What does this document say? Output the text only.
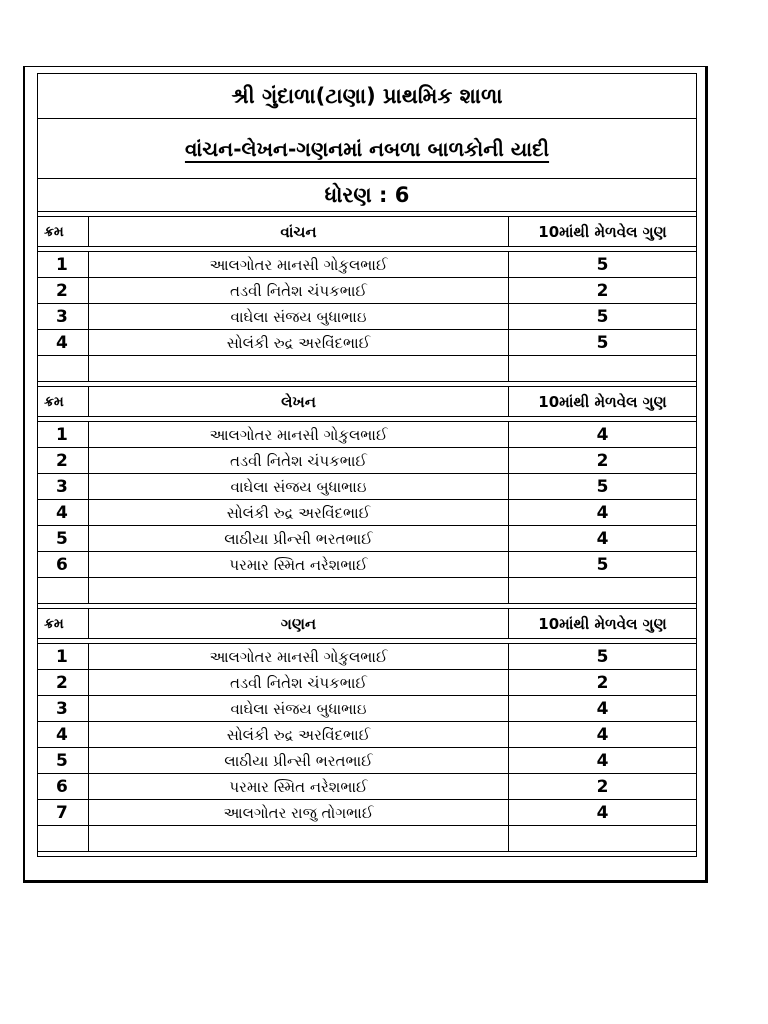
શ્રી ગુંદાળા(ટાણા) પ્રાથમિક શાળા
વાંચન-લેખન-ગણનમાં નબળા બાળકોની યાદી
ધોરણ : 6
ક્રમ	વાંચન	10માંથી મેળવેલ ગુણ
1	આલગોતર માનસી ગોકુલભાઈ	5
2	તડવી નિતેશ ચંપકભાઈ	2
3	વાઘેલા સંજય બુધાભાઇ	5
4	સોલંકી રુદ્ર અરવિંદભાઈ	5
ક્રમ	લેખન	10માંથી મેળવેલ ગુણ
1	આલગોતર માનસી ગોકુલભાઈ	4
2	તડવી નિતેશ ચંપકભાઈ	2
3	વાઘેલા સંજય બુધાભાઇ	5
4	સોલંકી રુદ્ર અરવિંદભાઈ	4
5	લાઠીયા પ્રીન્સી ભરતભાઈ	4
6	પરમાર સ્મિત નરેશભાઈ	5
ક્રમ	ગણન	10માંથી મેળવેલ ગુણ
1	આલગોતર માનસી ગોકુલભાઈ	5
2	તડવી નિતેશ ચંપકભાઈ	2
3	વાઘેલા સંજય બુધાભાઇ	4
4	સોલંકી રુદ્ર અરવિંદભાઈ	4
5	લાઠીયા પ્રીન્સી ભરતભાઈ	4
6	પરમાર સ્મિત નરેશભાઈ	2
7	આલગોતર રાજુ તોગભાઈ	4
